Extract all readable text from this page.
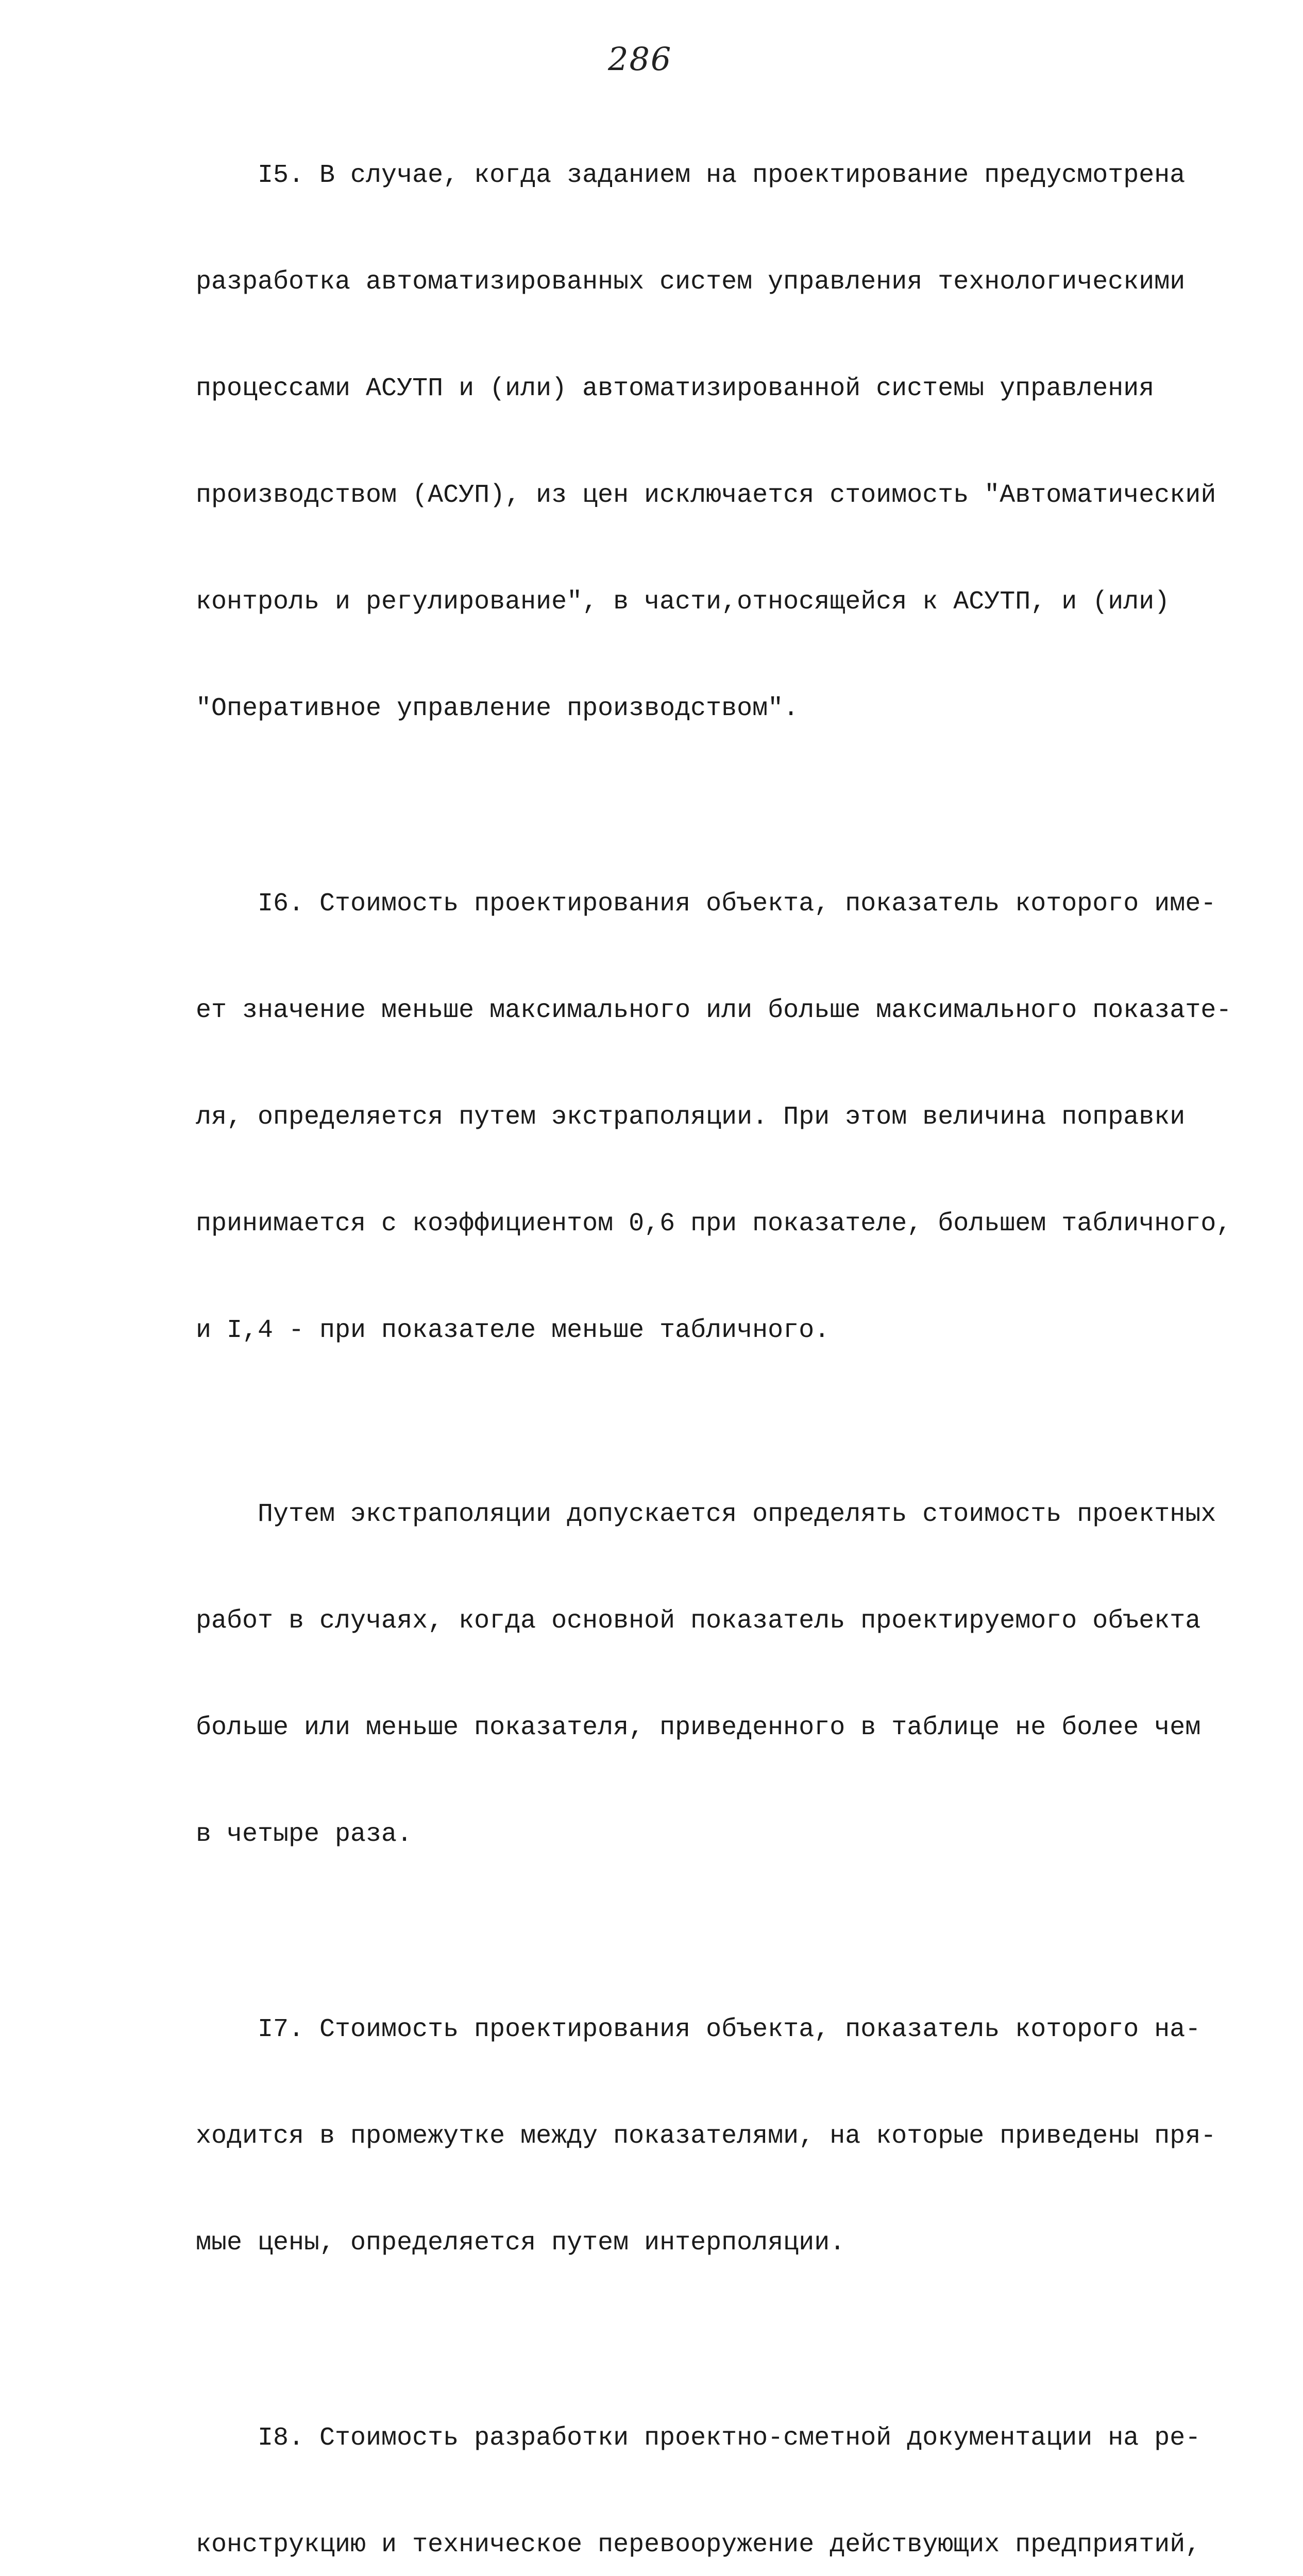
286

I5. В случае, когда заданием на проектирование предусмотрена

разработка автоматизированных систем управления технологическими

процессами АСУТП и (или) автоматизированной системы управления

производством (АСУП), из цен исключается стоимость "Автоматический

контроль и регулирование", в части,относящейся к АСУТП, и (или)

"Оперативное управление производством".

I6. Стоимость проектирования объекта, показатель которого име-

ет значение меньше максимального или больше максимального показате-

ля, определяется путем экстраполяции. При этом величина поправки

принимается с коэффициентом 0,6 при показателе, большем табличного,

и I,4 - при показателе меньше табличного.

Путем экстраполяции допускается определять стоимость проектных

работ в случаях, когда основной показатель проектируемого объекта

больше или меньше показателя, приведенного в таблице не более чем

в четыре раза.

I7. Стоимость проектирования объекта, показатель которого на-

ходится в промежутке между показателями, на которые приведены пря-

мые цены, определяется путем интерполяции.

I8. Стоимость разработки проектно-сметной документации на ре-

конструкцию и техническое перевооружение действующих предприятий,
